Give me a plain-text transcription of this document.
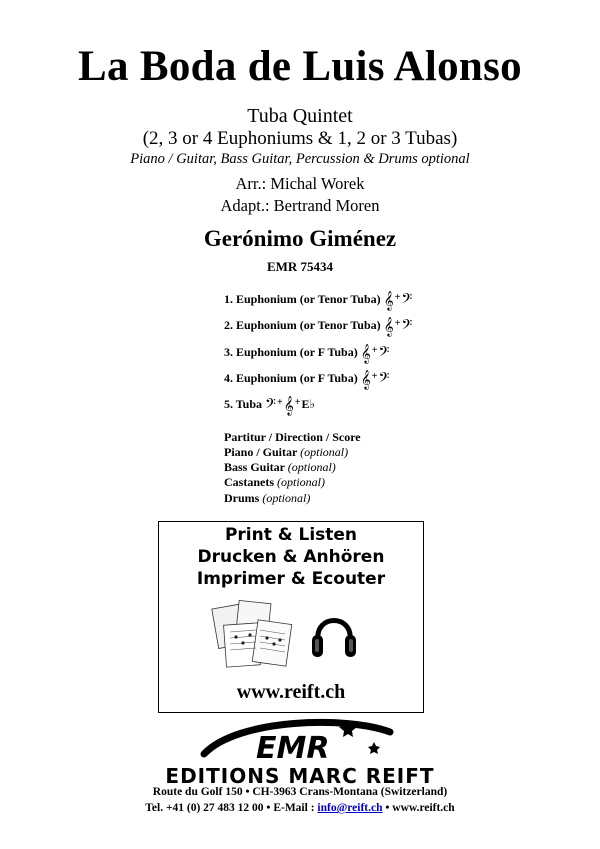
La Boda de Luis Alonso
Tuba Quintet
(2, 3 or 4 Euphoniums & 1, 2 or 3 Tubas)
Piano / Guitar, Bass Guitar, Percussion & Drums optional
Arr.: Michal Worek
Adapt.: Bertrand Moren
Gerónimo Giménez
EMR 75434
1. Euphonium (or Tenor Tuba) 𝄞+𝄢
2. Euphonium (or Tenor Tuba) 𝄞+𝄢
3. Euphonium (or F Tuba) 𝄞+𝄢
4. Euphonium (or F Tuba) 𝄞+𝄢
5. Tuba 𝄢+𝄞+E♭
Partitur / Direction / Score
Piano / Guitar (optional)
Bass Guitar (optional)
Castanets (optional)
Drums (optional)
Print & Listen
Drucken & Anhören
Imprimer & Ecouter
www.reift.ch
EMR
EDITIONS MARC REIFT
Route du Golf 150 • CH-3963 Crans-Montana (Switzerland)
Tel. +41 (0) 27 483 12 00 • E-Mail : info@reift.ch • www.reift.ch
